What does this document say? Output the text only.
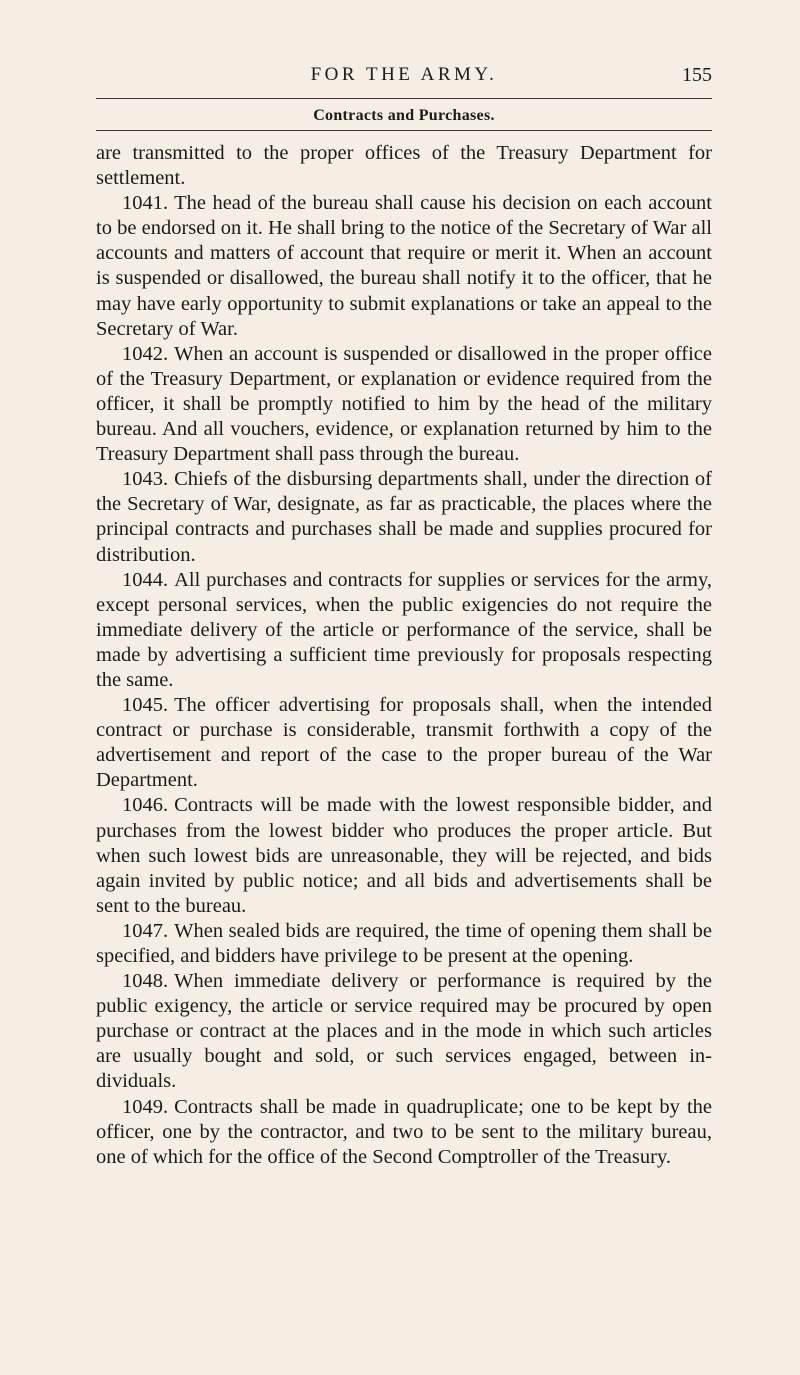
FOR THE ARMY.	155
Contracts and Purchases.

are transmitted to the proper offices of the Treasury Department for settlement.

1041. The head of the bureau shall cause his decision on each account to be endorsed on it. He shall bring to the notice of the Secretary of War all accounts and matters of account that require or merit it. When an account is suspended or disallowed, the bureau shall notify it to the officer, that he may have early opportunity to submit explanations or take an appeal to the Secretary of War.

1042. When an account is suspended or disallowed in the proper office of the Treasury Department, or explanation or evidence required from the officer, it shall be promptly notified to him by the head of the military bureau. And all vouchers, evidence, or explanation returned by him to the Treasury Department shall pass through the bureau.

1043. Chiefs of the disbursing departments shall, under the direction of the Secretary of War, designate, as far as practicable, the places where the principal contracts and purchases shall be made and supplies procured for distribution.

1044. All purchases and contracts for supplies or services for the army, except personal services, when the public exigencies do not require the immediate delivery of the article or performance of the service, shall be made by advertising a sufficient time previously for proposals respecting the same.

1045. The officer advertising for proposals shall, when the intended contract or purchase is considerable, transmit forthwith a copy of the advertisement and report of the case to the proper bureau of the War Department.

1046. Contracts will be made with the lowest responsible bidder, and purchases from the lowest bidder who produces the proper article. But when such lowest bids are unreasonable, they will be rejected, and bids again invited by public notice; and all bids and advertisements shall be sent to the bureau.

1047. When sealed bids are required, the time of opening them shall be specified, and bidders have privilege to be present at the opening.

1048. When immediate delivery or performance is required by the public exigency, the article or service required may be procured by open purchase or contract at the places and in the mode in which such articles are usually bought and sold, or such services engaged, between individuals.

1049. Contracts shall be made in quadruplicate; one to be kept by the officer, one by the contractor, and two to be sent to the military bureau, one of which for the office of the Second Comptroller of the Treasury.
